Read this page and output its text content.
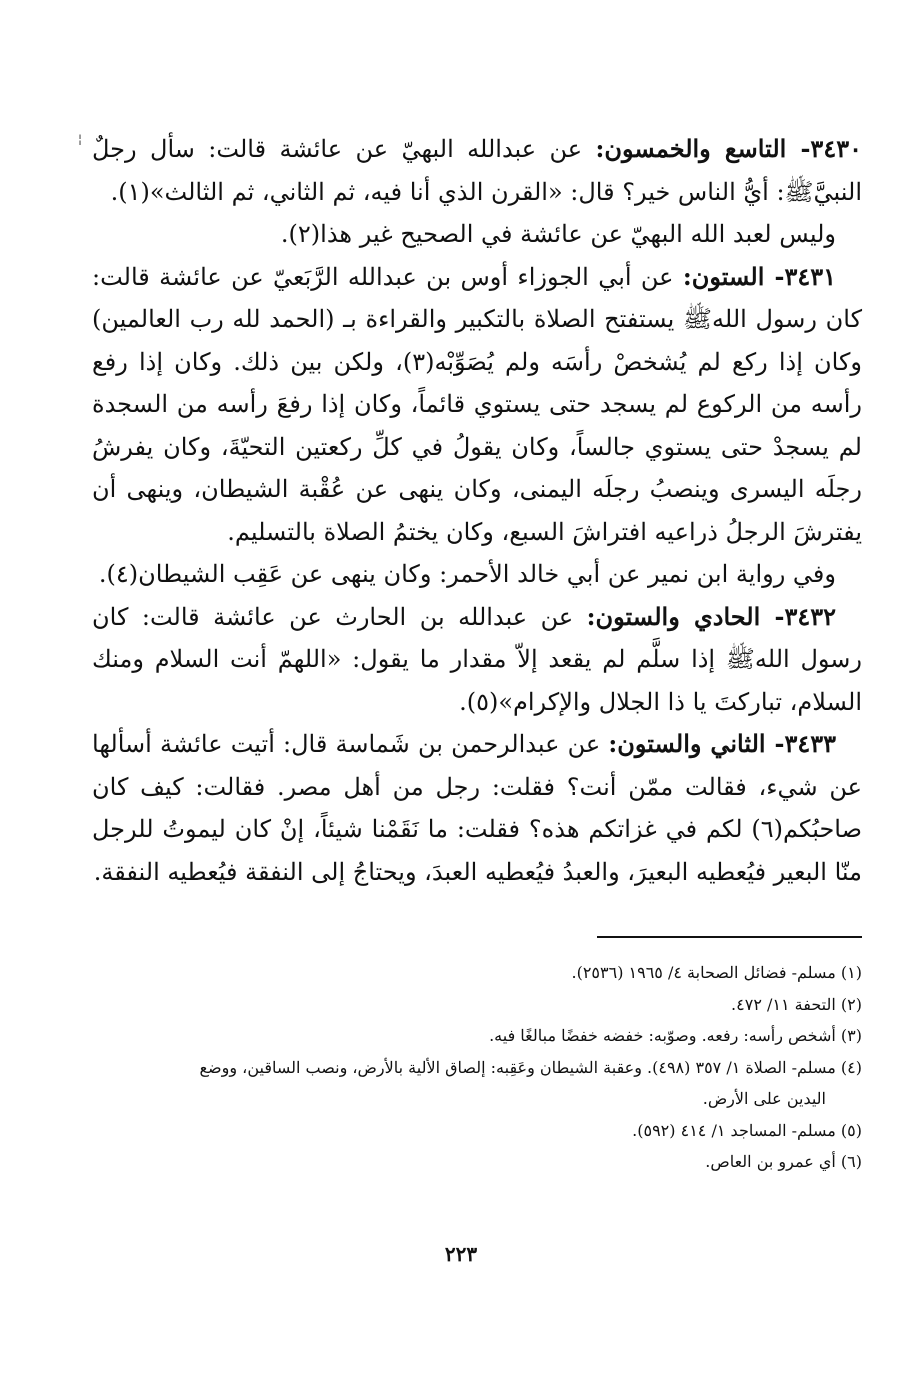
¦	٣٤٣٠- التاسع والخمسون: عن عبدالله البهيّ عن عائشة قالت: سأل رجلٌ النبيَّﷺ: أيُّ الناس خير؟ قال: «القرن الذي أنا فيه، ثم الثاني، ثم الثالث»(١).

وليس لعبد الله البهيّ عن عائشة في الصحيح غير هذا(٢).

٣٤٣١- الستون: عن أبي الجوزاء أوس بن عبدالله الرَّبَعيّ عن عائشة قالت: كان رسول اللهﷺ يستفتح الصلاة بالتكبير والقراءة بـ (الحمد لله رب العالمين) وكان إذا ركع لم يُشخصْ رأسَه ولم يُصَوِّبْه(٣)، ولكن بين ذلك. وكان إذا رفع رأسه من الركوع لم يسجد حتى يستوي قائماً، وكان إذا رفعَ رأسه من السجدة لم يسجدْ حتى يستوي جالساً، وكان يقولُ في كلِّ ركعتين التحيّةَ، وكان يفرشُ رجلَه اليسرى وينصبُ رجلَه اليمنى، وكان ينهى عن عُقْبة الشيطان، وينهى أن يفترشَ الرجلُ ذراعيه افتراشَ السبع، وكان يختمُ الصلاة بالتسليم.

وفي رواية ابن نمير عن أبي خالد الأحمر: وكان ينهى عن عَقِب الشيطان(٤).

٣٤٣٢- الحادي والستون: عن عبدالله بن الحارث عن عائشة قالت: كان رسول اللهﷺ إذا سلَّم لم يقعد إلاّ مقدار ما يقول: «اللهمّ أنت السلام ومنك السلام، تباركتَ يا ذا الجلال والإكرام»(٥).

٣٤٣٣- الثاني والستون: عن عبدالرحمن بن شَماسة قال: أتيت عائشة أسألها عن شيء، فقالت ممّن أنت؟ فقلت: رجل من أهل مصر. فقالت: كيف كان صاحبُكم(٦) لكم في غزاتكم هذه؟ فقلت: ما نَقَمْنا شيئاً، إنْ كان ليموتُ للرجل منّا البعير فيُعطيه البعيرَ، والعبدُ فيُعطيه العبدَ، ويحتاجُ إلى النفقة فيُعطيه النفقة.

(١) مسلم- فضائل الصحابة ٤/ ١٩٦٥ (٢٥٣٦).

(٢) التحفة ١١/ ٤٧٢.

(٣) أشخص رأسه: رفعه. وصوّبه: خفضه خفضًا مبالغًا فيه.

(٤) مسلم- الصلاة ١/ ٣٥٧ (٤٩٨). وعقبة الشيطان وعَقِبه: إلصاق الألية بالأرض، ونصب الساقين، ووضع

اليدين على الأرض.

(٥) مسلم- المساجد ١/ ٤١٤ (٥٩٢).

(٦) أي عمرو بن العاص.

٢٢٣
